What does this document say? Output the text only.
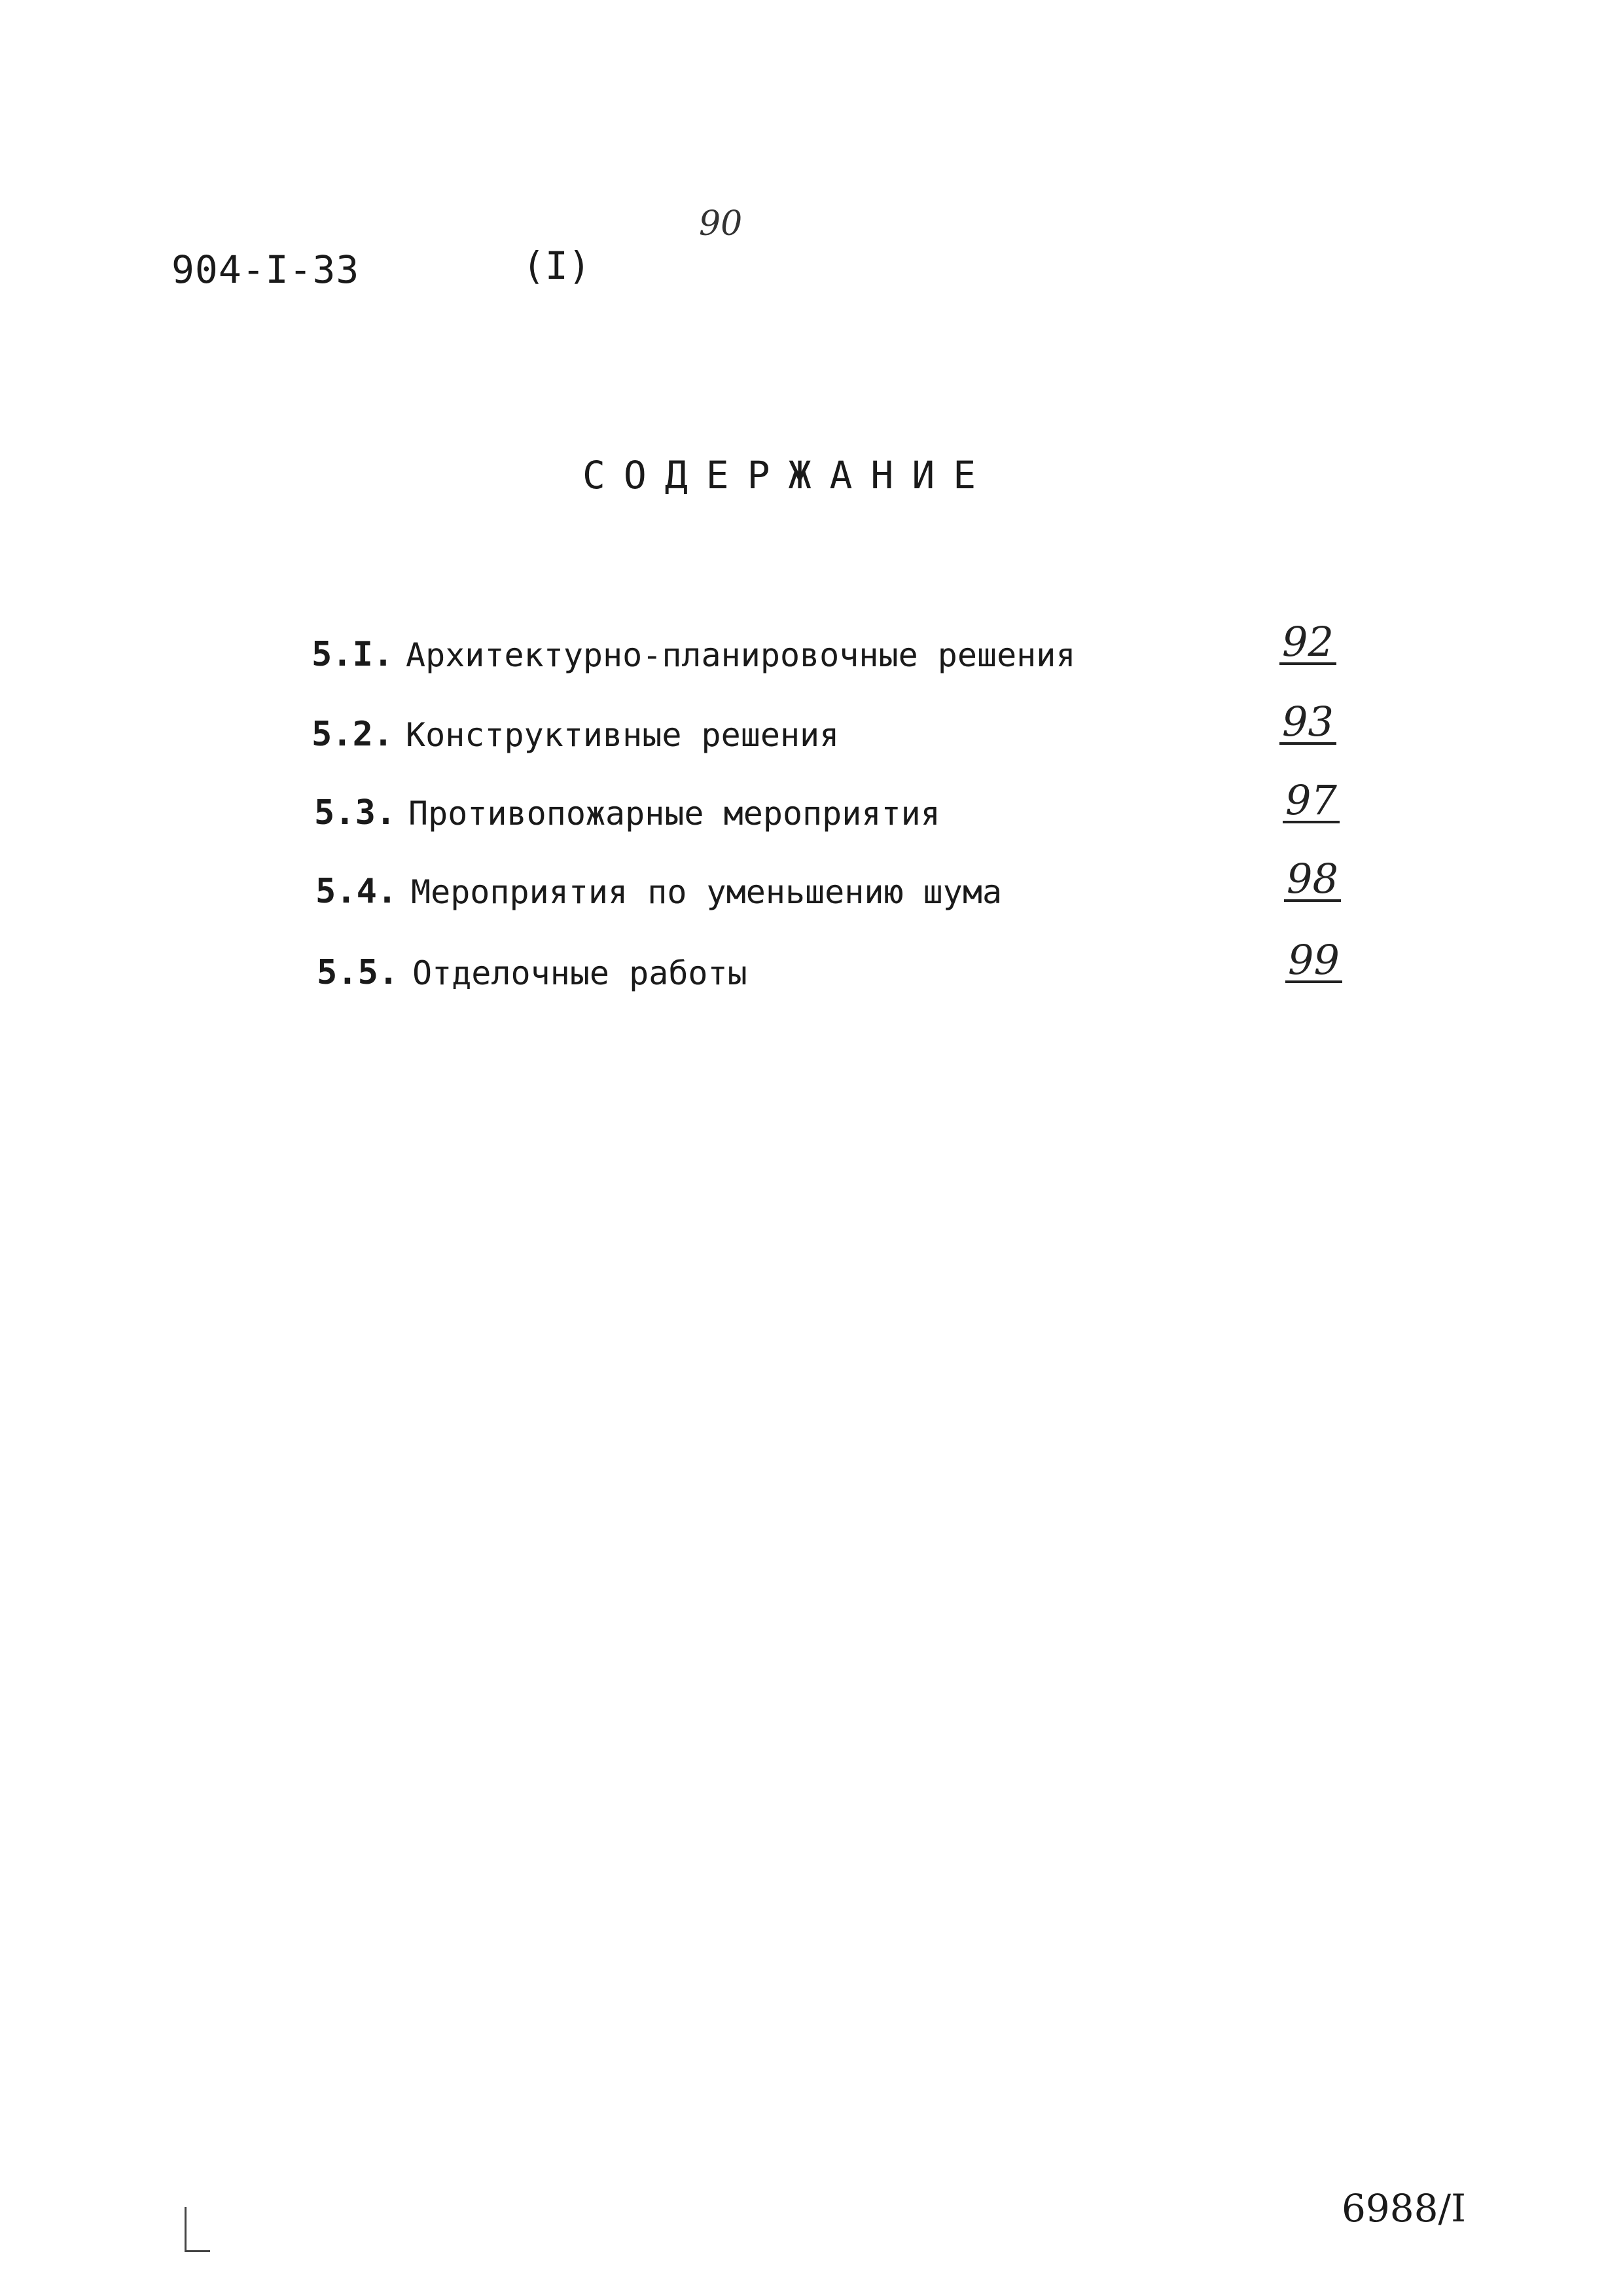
904-I-33	(I)
90
СОДЕРЖАНИЕ
5.I. Архитектурно-планировочные решения	92
5.2. Конструктивные решения	93
5.3. Противопожарные мероприятия	97
5.4. Мероприятия по уменьшению шума	98
5.5. Отделочные работы	99
6988/I
